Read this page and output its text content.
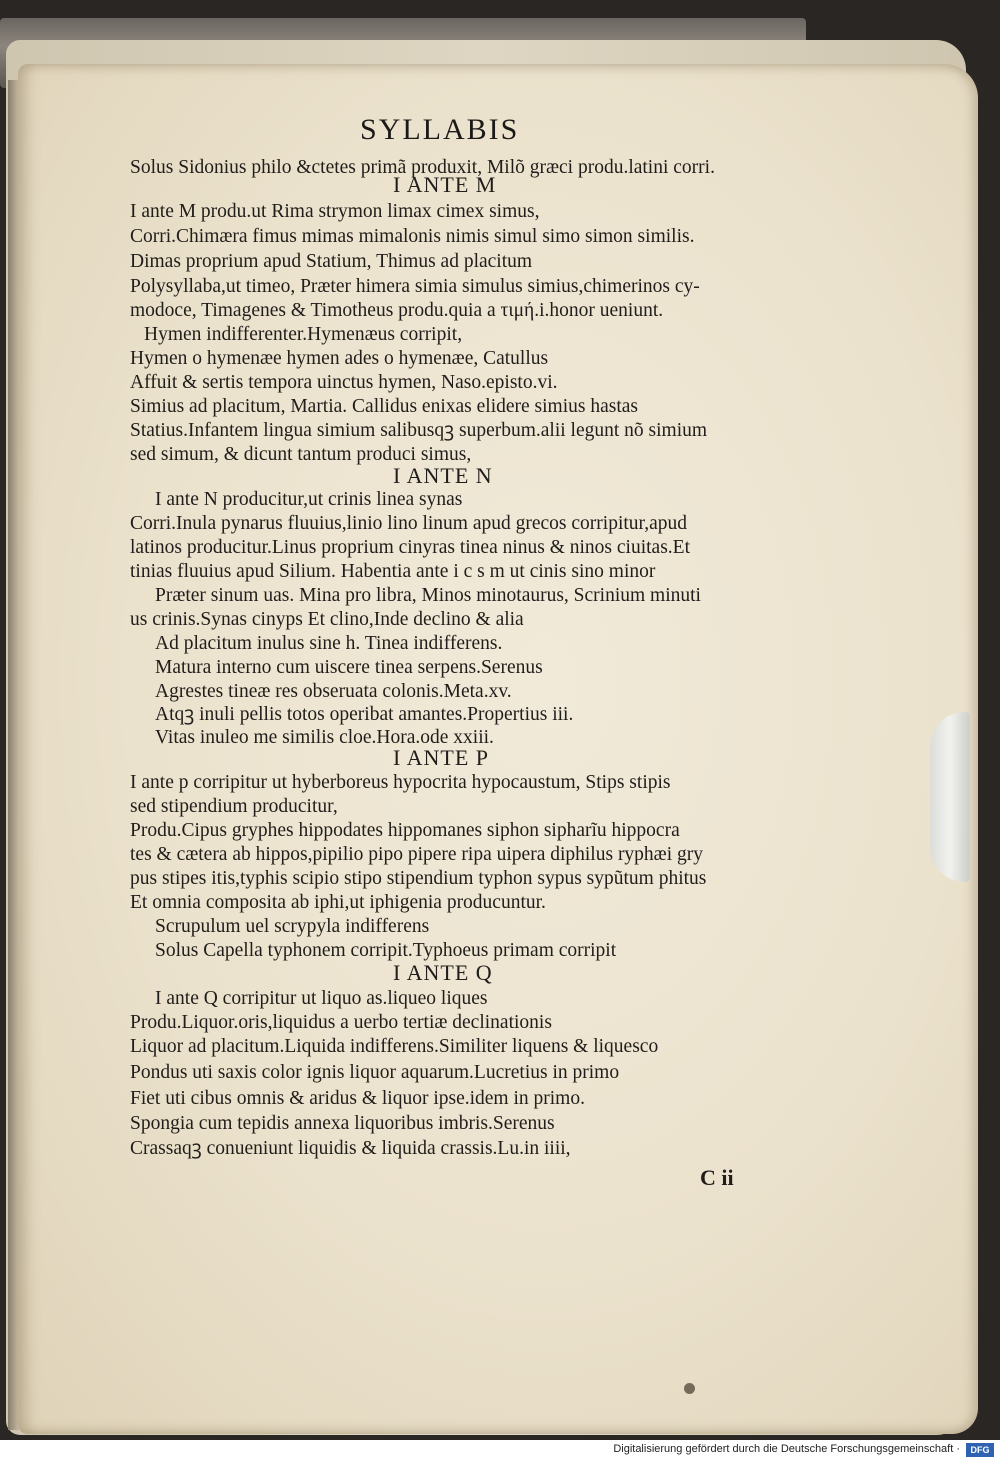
SYLLABIS
Solus Sidonius philo &ctetes primã produxit, Milõ græci produ.latini corri.
I ANTE M
I ante M produ.ut Rima strymon limax cimex simus,
Corri.Chimæra fimus mimas mimalonis nimis simul simo simon similis.
Dimas proprium apud Statium, Thimus ad placitum
Polysyllaba,ut timeo, Præter himera simia simulus simius,chimerinos cy-
modoce, Timagenes & Timotheus produ.quia a τιμή.i.honor ueniunt.
Hymen indifferenter.Hymenæus corripit,
Hymen o hymenæe hymen ades o hymenæe, Catullus
Affuit & sertis tempora uinctus hymen, Naso.episto.vi.
Simius ad placitum, Martia. Callidus enixas elidere simius hastas
Statius.Infantem lingua simium salibusqꝫ superbum.alii legunt nõ simium
sed simum, & dicunt tantum produci simus,
I ANTE N
I ante N producitur,ut crinis linea synas
Corri.Inula pynarus fluuius,linio lino linum apud grecos corripitur,apud
latinos producitur.Linus proprium cinyras tinea ninus & ninos ciuitas.Et
tinias fluuius apud Silium. Habentia ante i c s m ut cinis sino minor
Præter sinum uas. Mina pro libra, Minos minotaurus, Scrinium minuti
us crinis.Synas cinyps Et clino,Inde declino & alia
Ad placitum inulus sine h. Tinea indifferens.
Matura interno cum uiscere tinea serpens.Serenus
Agrestes tineæ res obseruata colonis.Meta.xv.
Atqꝫ inuli pellis totos operibat amantes.Propertius iii.
Vitas inuleo me similis cloe.Hora.ode xxiii.
I ANTE P
I ante p corripitur ut hyberboreus hypocrita hypocaustum, Stips stipis
sed stipendium producitur,
Produ.Cipus gryphes hippodates hippomanes siphon sipharĩu hippocra
tes & cætera ab hippos,pipilio pipo pipere ripa uipera diphilus ryphæi gry
pus stipes itis,typhis scipio stipo stipendium typhon sypus sypũtum phitus
Et omnia composita ab iphi,ut iphigenia producuntur.
Scrupulum uel scrypyla indifferens
Solus Capella typhonem corripit.Typhoeus primam corripit
I ANTE Q
I ante Q corripitur ut liquo as.liqueo liques
Produ.Liquor.oris,liquidus a uerbo tertiæ declinationis
Liquor ad placitum.Liquida indifferens.Similiter liquens & liquesco
Pondus uti saxis color ignis liquor aquarum.Lucretius in primo
Fiet uti cibus omnis & aridus & liquor ipse.idem in primo.
Spongia cum tepidis annexa liquoribus imbris.Serenus
Crassaqꝫ conueniunt liquidis & liquida crassis.Lu.in iiii,
C ii
Digitalisierung gefördert durch die Deutsche Forschungsgemeinschaft ·	DFG
